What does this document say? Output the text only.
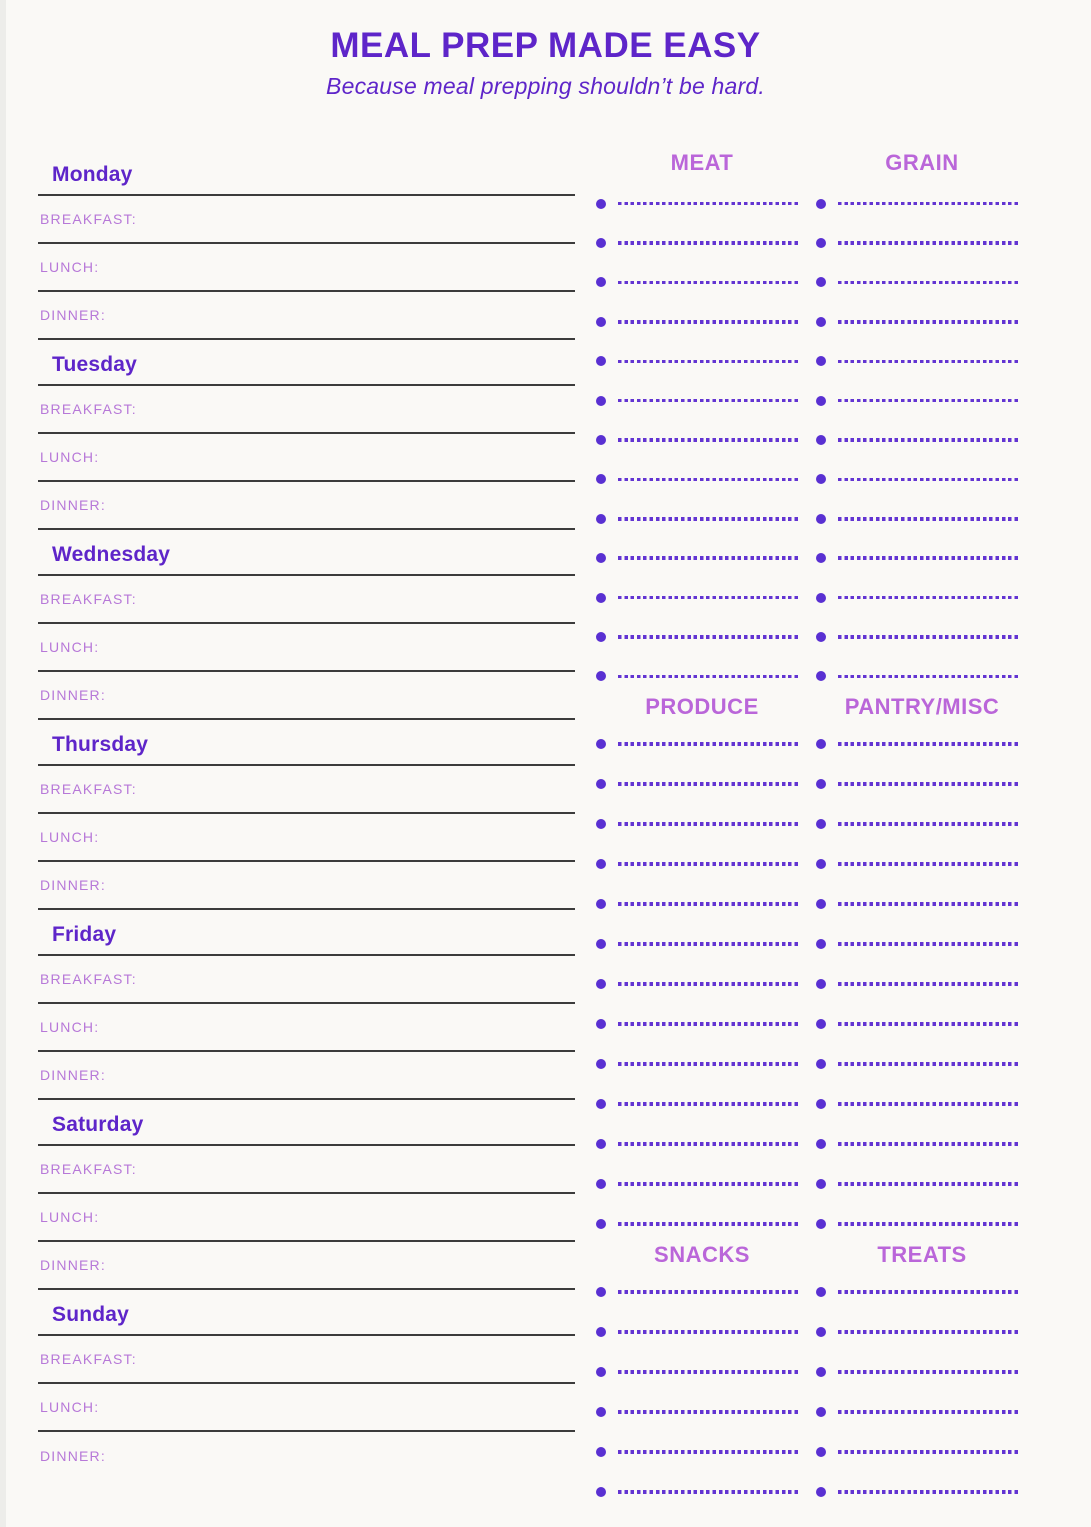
MEAL PREP MADE EASY

Because meal prepping shouldn’t be hard.

Monday
BREAKFAST:
LUNCH:
DINNER:
Tuesday
BREAKFAST:
LUNCH:
DINNER:
Wednesday
BREAKFAST:
LUNCH:
DINNER:
Thursday
BREAKFAST:
LUNCH:
DINNER:
Friday
BREAKFAST:
LUNCH:
DINNER:
Saturday
BREAKFAST:
LUNCH:
DINNER:
Sunday
BREAKFAST:
LUNCH:
DINNER:
MEAT	GRAIN
PRODUCE	PANTRY/MISC
SNACKS	TREATS
